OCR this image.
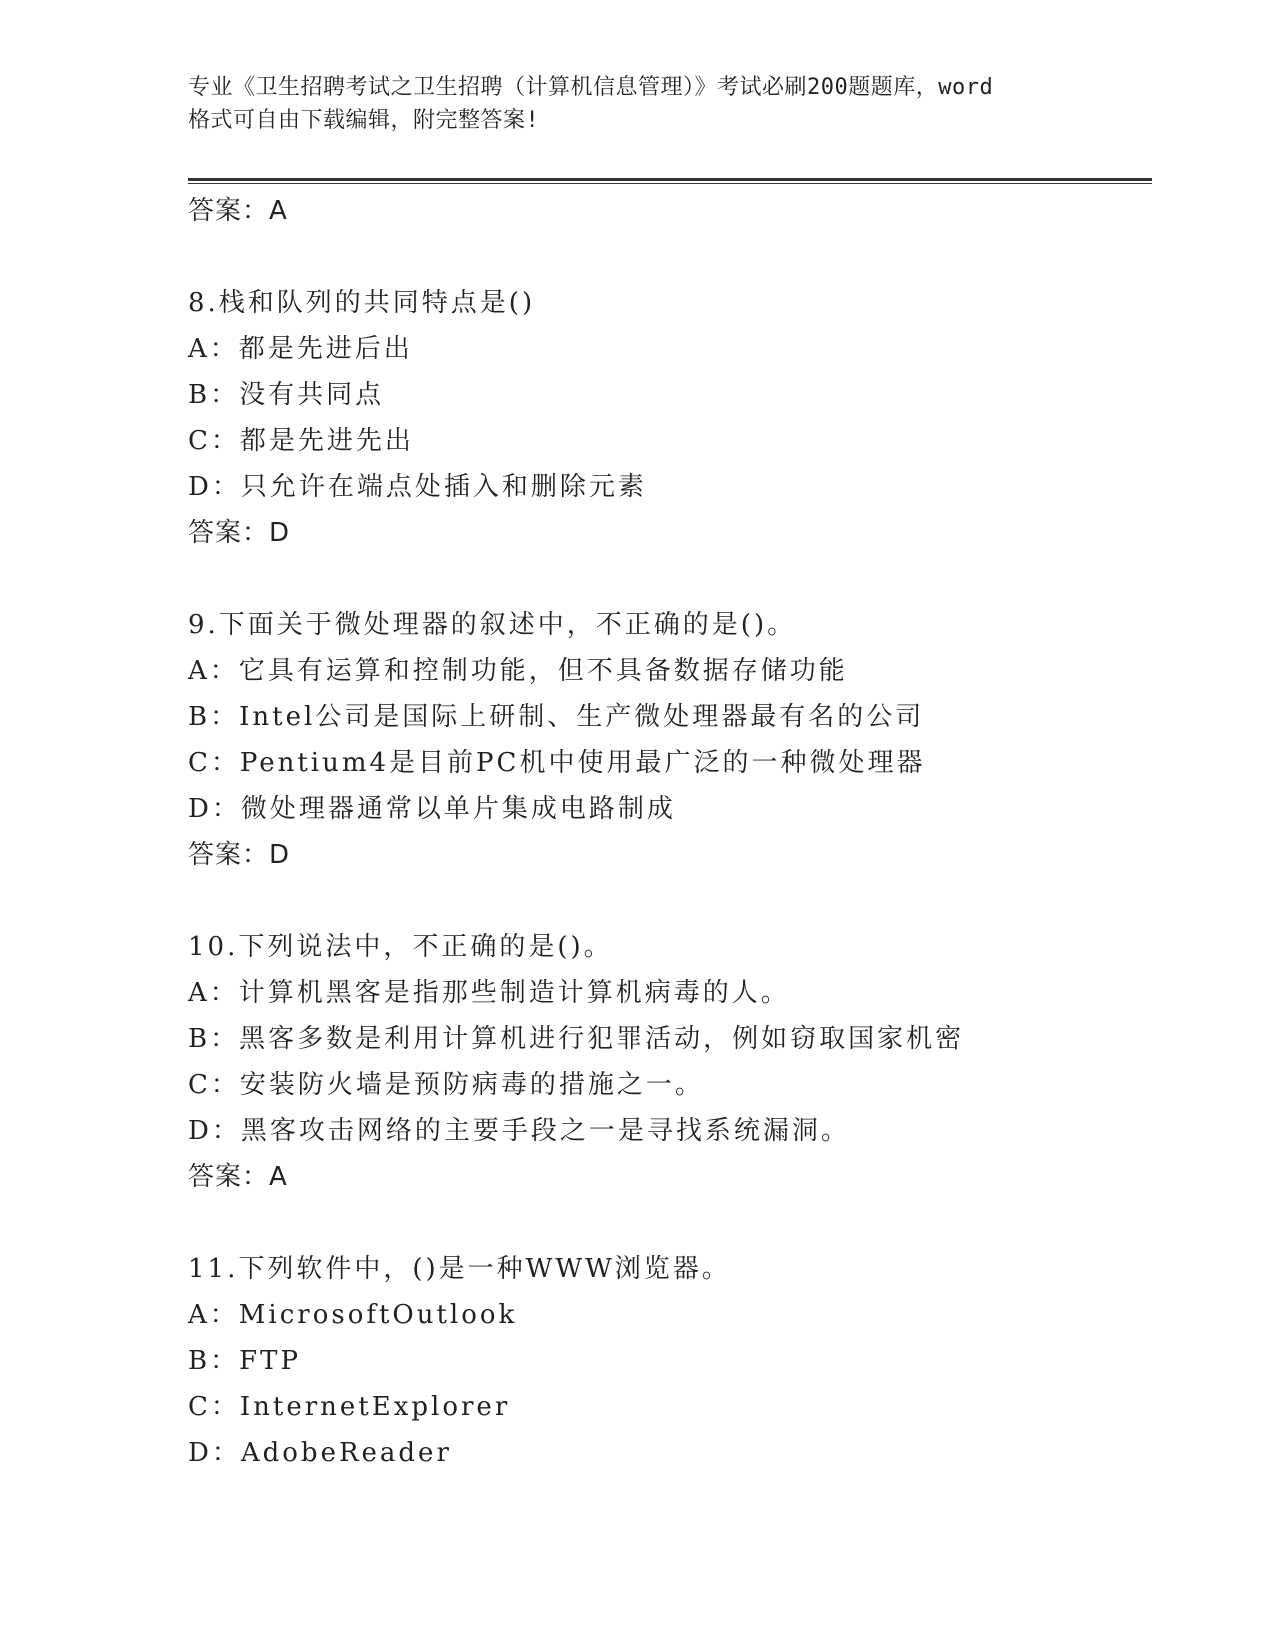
专业《卫生招聘考试之卫生招聘（计算机信息管理）》考试必刷200题题库，word
格式可自由下载编辑，附完整答案!
答案：A
8.栈和队列的共同特点是()
A：都是先进后出
B：没有共同点
C：都是先进先出
D：只允许在端点处插入和删除元素
答案：D
9.下面关于微处理器的叙述中，不正确的是()。
A：它具有运算和控制功能，但不具备数据存储功能
B：Intel公司是国际上研制、生产微处理器最有名的公司
C：Pentium4是目前PC机中使用最广泛的一种微处理器
D：微处理器通常以单片集成电路制成
答案：D
10.下列说法中，不正确的是()。
A：计算机黑客是指那些制造计算机病毒的人。
B：黑客多数是利用计算机进行犯罪活动，例如窃取国家机密
C：安装防火墙是预防病毒的措施之一。
D：黑客攻击网络的主要手段之一是寻找系统漏洞。
答案：A
11.下列软件中，()是一种WWW浏览器。
A：MicrosoftOutlook
B：FTP
C：InternetExplorer
D：AdobeReader
